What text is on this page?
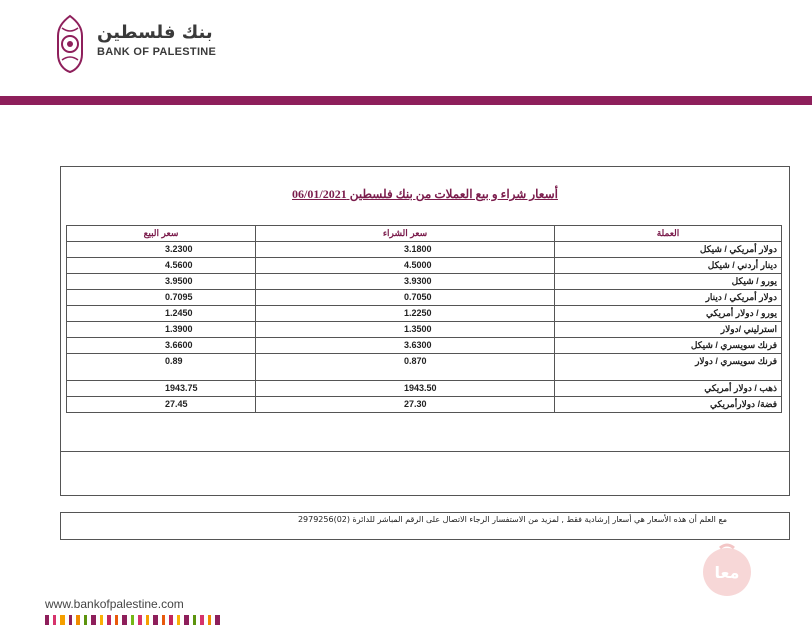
بنك فلسطين
BANK OF PALESTINE
أسعار شراء و بيع العملات من بنك فلسطين 06/01/2021
سعر البيع	سعر الشراء	العملة
3.2300	3.1800	دولار أمريكي / شيكل
4.5600	4.5000	دينار أردني / شيكل
3.9500	3.9300	يورو / شيكل
0.7095	0.7050	دولار أمريكي / دينار
1.2450	1.2250	يورو / دولار أمريكي
1.3900	1.3500	استرليني /دولار
3.6600	3.6300	فرنك سويسري / شيكل
0.89	0.870	فرنك سويسري / دولار
1943.75	1943.50	ذهب / دولار أمريكي
27.45	27.30	فضة/ دولارأمريكي
مع العلم أن هذه الأسعار هي أسعار إرشادية فقط , لمزيد من الاستفسار الرجاء الاتصال على الرقم المباشر للدائرة (02)2979256
www.bankofpalestine.com
معا
